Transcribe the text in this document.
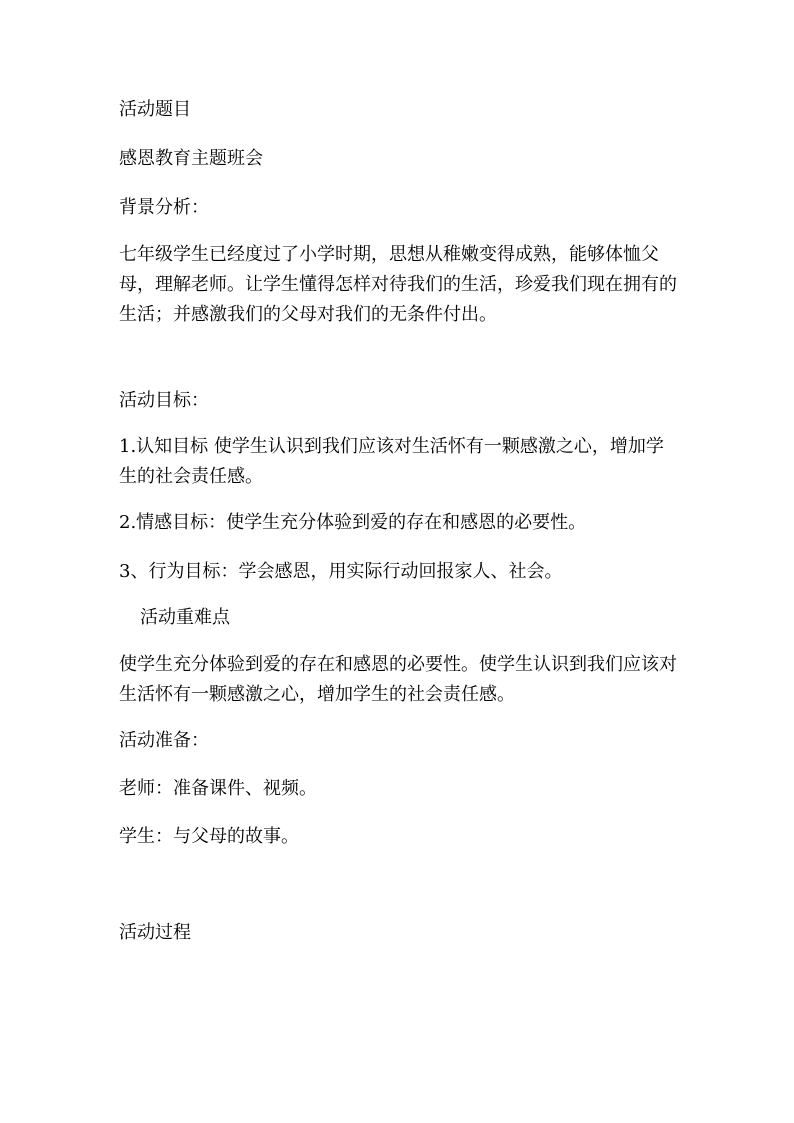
活动题目

感恩教育主题班会

背景分析：

七年级学生已经度过了小学时期，思想从稚嫩变得成熟，能够体恤父母，理解老师。让学生懂得怎样对待我们的生活，珍爱我们现在拥有的生活；并感激我们的父母对我们的无条件付出。

活动目标：

1.认知目标 使学生认识到我们应该对生活怀有一颗感激之心，增加学生的社会责任感。

2.情感目标：使学生充分体验到爱的存在和感恩的必要性。

3、行为目标：学会感恩，用实际行动回报家人、社会。

活动重难点

使学生充分体验到爱的存在和感恩的必要性。使学生认识到我们应该对生活怀有一颗感激之心，增加学生的社会责任感。

活动准备：

老师：准备课件、视频。

学生：与父母的故事。

活动过程
